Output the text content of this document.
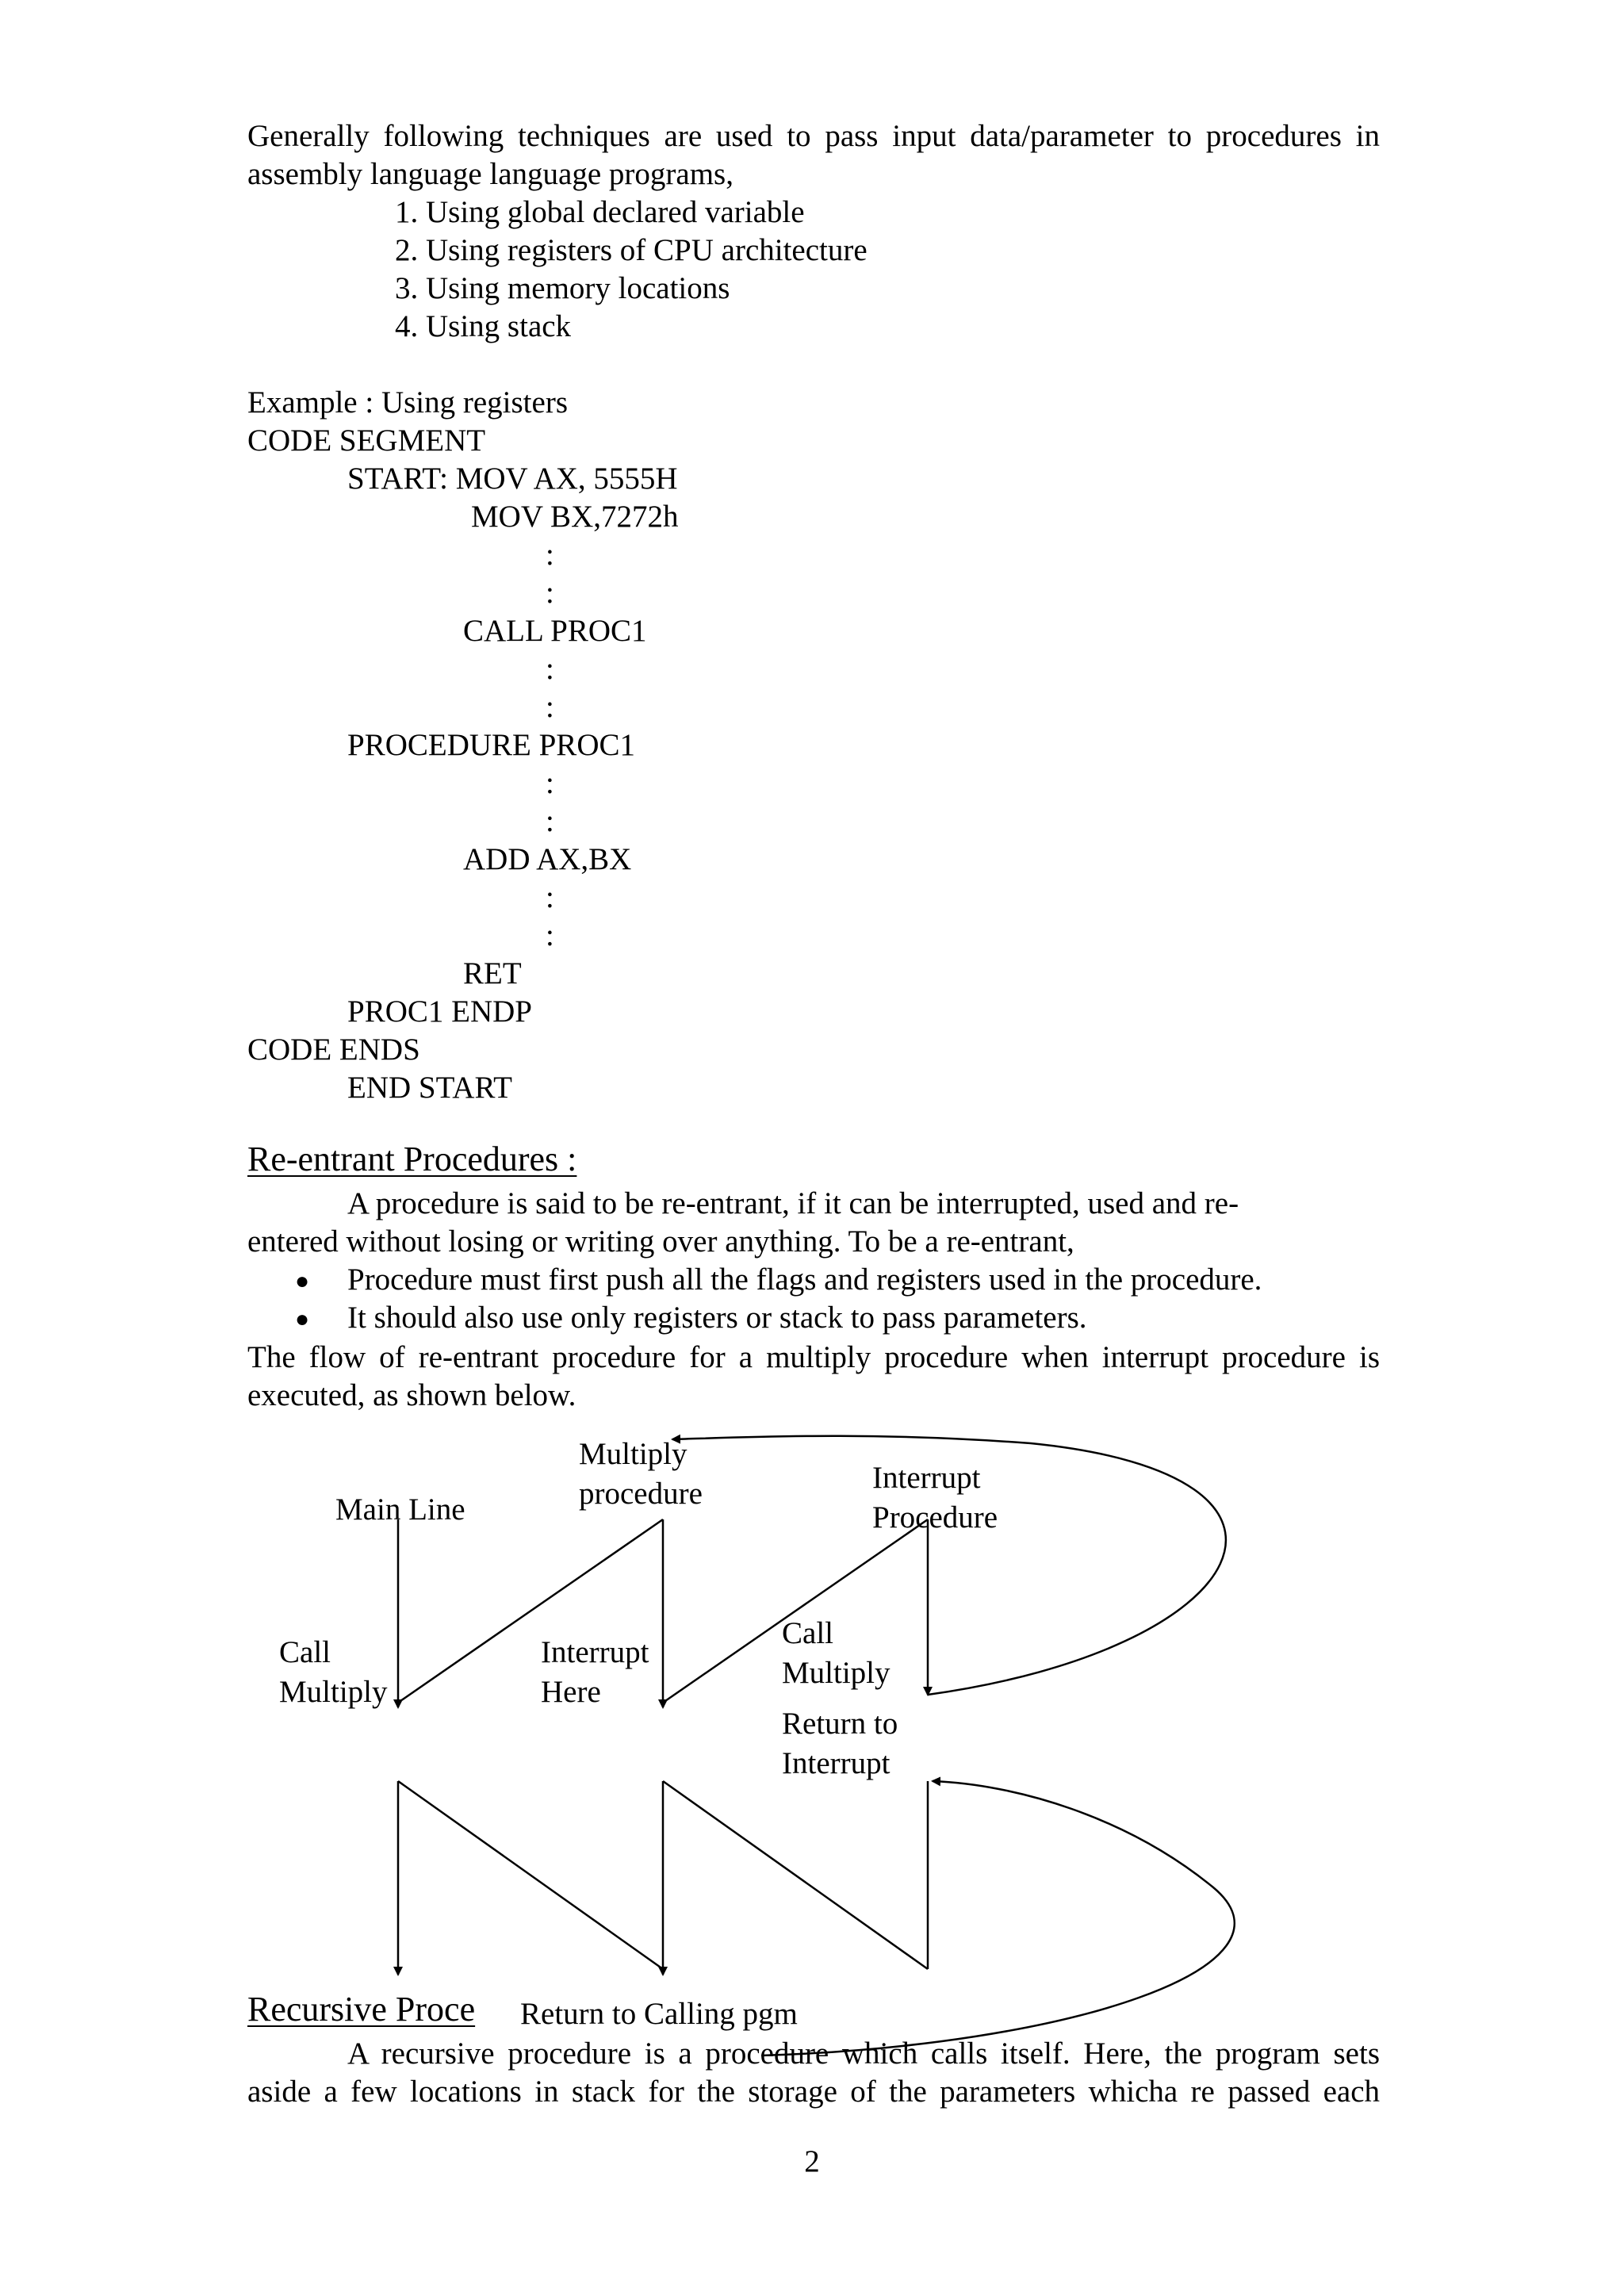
Generally following techniques are used to pass input data/parameter to procedures in
assembly language language programs,
1. Using global declared variable
2. Using registers of CPU architecture
3. Using memory locations
4. Using stack
Example : Using registers
CODE SEGMENT
START: MOV AX, 5555H
MOV BX,7272h
:
:
CALL PROC1
:
:
PROCEDURE PROC1
:
:
ADD AX,BX
:
:
RET
PROC1 ENDP
CODE ENDS
END START
Re-entrant Procedures :
A procedure is said to be re-entrant, if it can be interrupted, used and re-
entered without losing or writing over anything. To be a re-entrant,
● Procedure must first push all the flags and registers used in the procedure.
● It should also use only registers or stack to pass parameters.
The flow of re-entrant procedure for a multiply procedure when interrupt procedure is
executed, as shown below.
Multiply
procedure	Interrupt
Procedure
Main Line
Call
Multiply
Interrupt
Here
Call
Multiply
Return to
Interrupt
Recursive Proce	Return to Calling pgm
A recursive procedure is a procedure which calls itself. Here, the program sets
aside a few locations in stack for the storage of the parameters whicha re passed each
2
